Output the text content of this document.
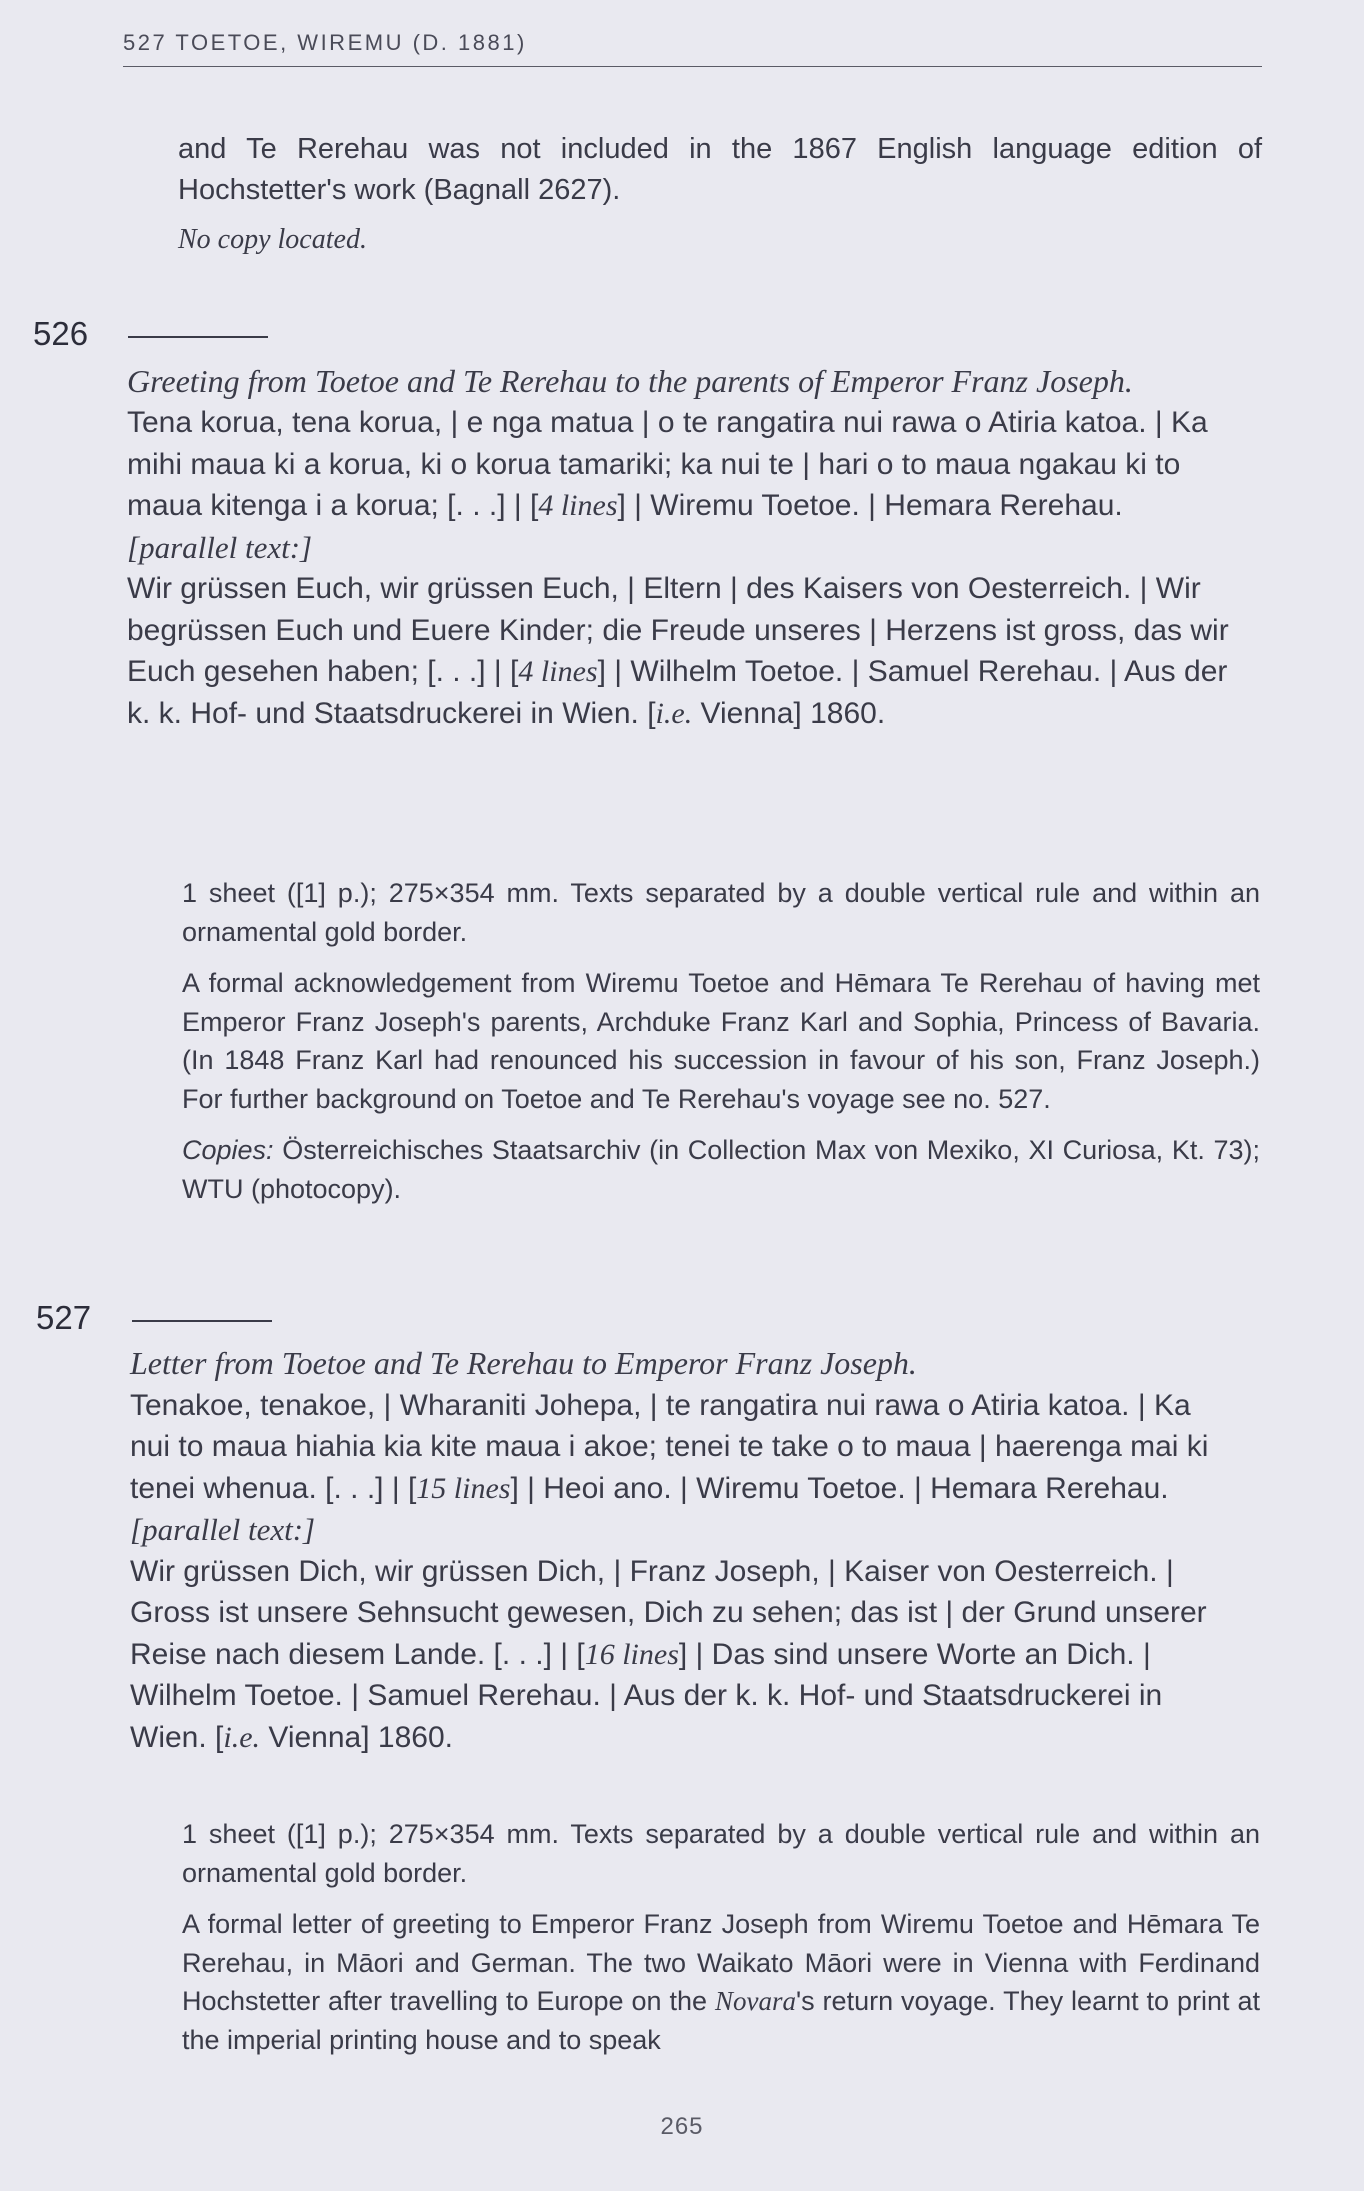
527 TOETOE, WIREMU (D. 1881)

and Te Rerehau was not included in the 1867 English language edition of Hochstetter's work (Bagnall 2627).

No copy located.

526

Greeting from Toetoe and Te Rerehau to the parents of Emperor Franz Joseph.

Tena korua, tena korua, | e nga matua | o te rangatira nui rawa o Atiria katoa. | Ka mihi maua ki a korua, ki o korua tamariki; ka nui te | hari o to maua ngakau ki to maua kitenga i a korua; [. . .] | [4 lines] | Wiremu Toetoe. | Hemara Rerehau.

[parallel text:]

Wir grüssen Euch, wir grüssen Euch, | Eltern | des Kaisers von Oesterreich. | Wir begrüssen Euch und Euere Kinder; die Freude unseres | Herzens ist gross, das wir Euch gesehen haben; [. . .] | [4 lines] | Wilhelm Toetoe. | Samuel Rerehau. | Aus der k. k. Hof- und Staatsdruckerei in Wien. [i.e. Vienna] 1860.

1 sheet ([1] p.); 275×354 mm. Texts separated by a double vertical rule and within an ornamental gold border.

A formal acknowledgement from Wiremu Toetoe and Hēmara Te Rerehau of having met Emperor Franz Joseph's parents, Archduke Franz Karl and Sophia, Princess of Bavaria. (In 1848 Franz Karl had renounced his succession in favour of his son, Franz Joseph.) For further background on Toetoe and Te Rerehau's voyage see no. 527.

Copies: Österreichisches Staatsarchiv (in Collection Max von Mexiko, XI Curiosa, Kt. 73); WTU (photocopy).

527

Letter from Toetoe and Te Rerehau to Emperor Franz Joseph.

Tenakoe, tenakoe, | Wharaniti Johepa, | te rangatira nui rawa o Atiria katoa. | Ka nui to maua hiahia kia kite maua i akoe; tenei te take o to maua | haerenga mai ki tenei whenua. [. . .] | [15 lines] | Heoi ano. | Wiremu Toetoe. | Hemara Rerehau.

[parallel text:]

Wir grüssen Dich, wir grüssen Dich, | Franz Joseph, | Kaiser von Oesterreich. | Gross ist unsere Sehnsucht gewesen, Dich zu sehen; das ist | der Grund unserer Reise nach diesem Lande. [. . .] | [16 lines] | Das sind unsere Worte an Dich. | Wilhelm Toetoe. | Samuel Rerehau. | Aus der k. k. Hof- und Staatsdruckerei in Wien. [i.e. Vienna] 1860.

1 sheet ([1] p.); 275×354 mm. Texts separated by a double vertical rule and within an ornamental gold border.

A formal letter of greeting to Emperor Franz Joseph from Wiremu Toetoe and Hēmara Te Rerehau, in Māori and German. The two Waikato Māori were in Vienna with Ferdinand Hochstetter after travelling to Europe on the Novara's return voyage. They learnt to print at the imperial printing house and to speak

265
